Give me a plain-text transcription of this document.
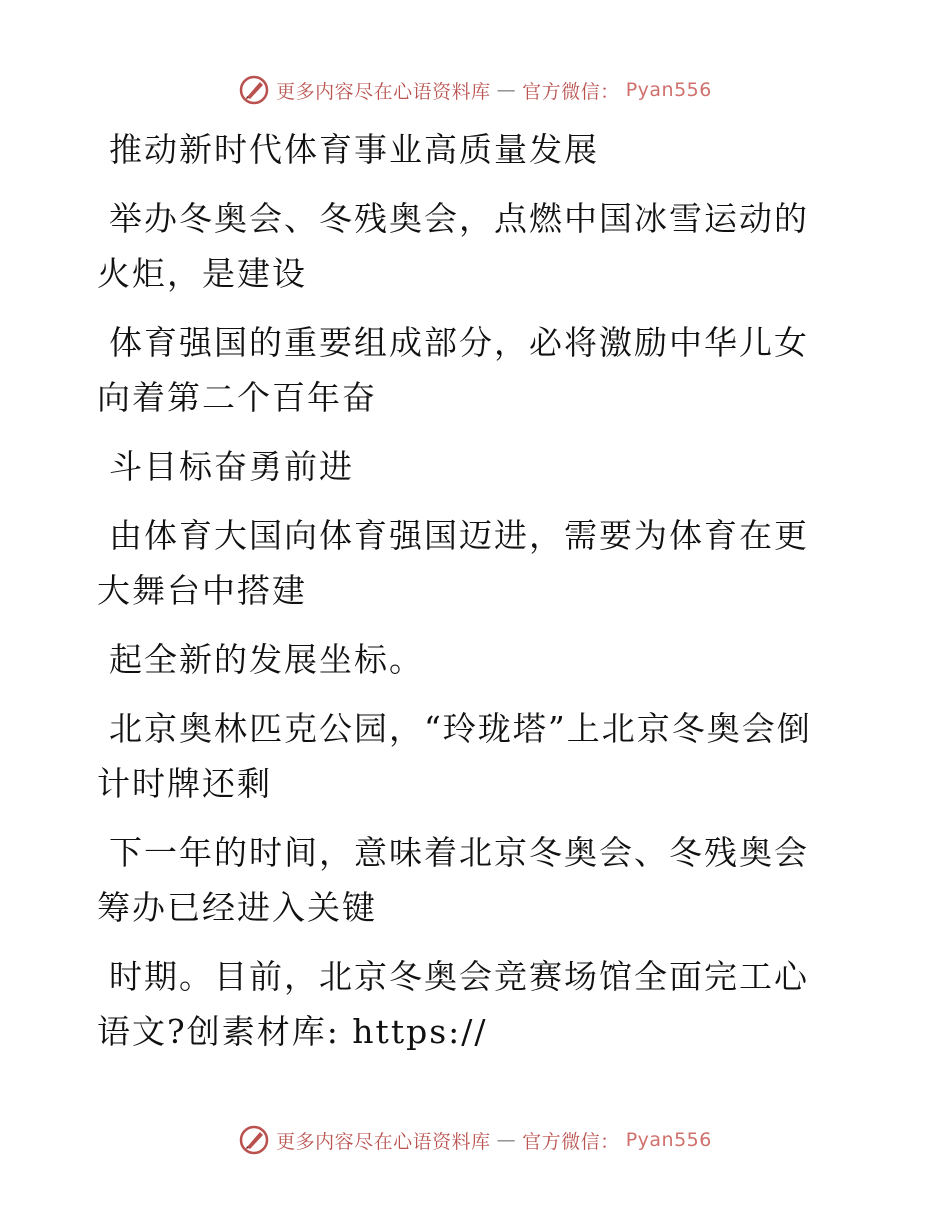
更多内容尽在心语资料库 — 官方微信： Pyan556

推动新时代体育事业高质量发展

举办冬奥会、冬残奥会，点燃中国冰雪运动的火炬，是建设

体育强国的重要组成部分，必将激励中华儿女向着第二个百年奋

斗目标奋勇前进

由体育大国向体育强国迈进，需要为体育在更大舞台中搭建

起全新的发展坐标。

北京奥林匹克公园，“玲珑塔”上北京冬奥会倒计时牌还剩

下一年的时间，意味着北京冬奥会、冬残奥会筹办已经进入关键

时期。目前，北京冬奥会竞赛场馆全面完工心语文?创素材库: https://

更多内容尽在心语资料库 — 官方微信： Pyan556
